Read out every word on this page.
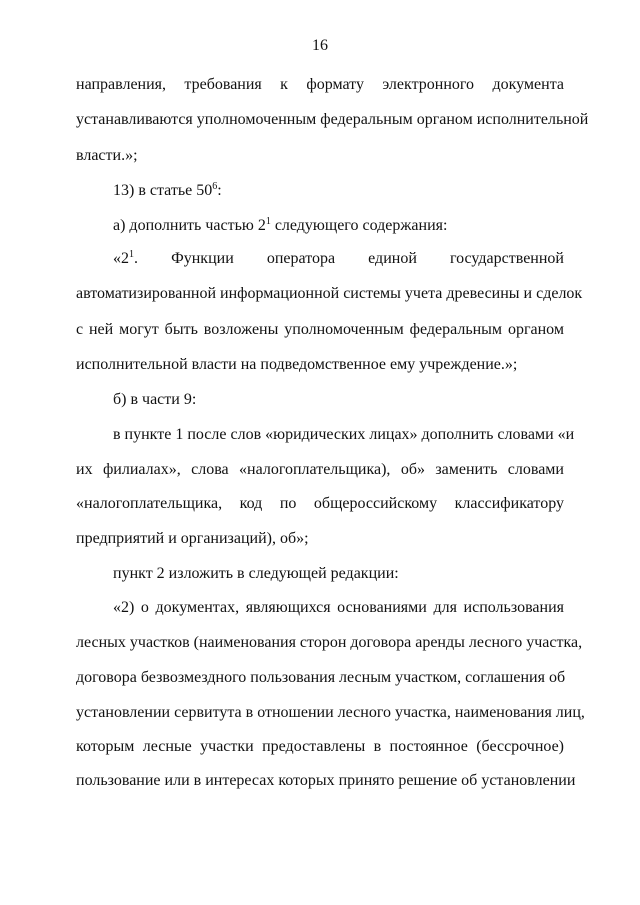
16
направления, требования к формату электронного документа
устанавливаются уполномоченным федеральным органом исполнительной
власти.»;
13) в статье $50^6$:
а) дополнить частью $2^1$ следующего содержания:
«$2^1$. Функции оператора единой государственной
автоматизированной информационной системы учета древесины и сделок
с ней могут быть возложены уполномоченным федеральным органом
исполнительной власти на подведомственное ему учреждение.»;
б) в части 9:
в пункте 1 после слов «юридических лицах» дополнить словами «и
их филиалах», слова «налогоплательщика), об» заменить словами
«налогоплательщика, код по общероссийскому классификатору
предприятий и организаций), об»;
пункт 2 изложить в следующей редакции:
«2) о документах, являющихся основаниями для использования
лесных участков (наименования сторон договора аренды лесного участка,
договора безвозмездного пользования лесным участком, соглашения об
установлении сервитута в отношении лесного участка, наименования лиц,
которым лесные участки предоставлены в постоянное (бессрочное)
пользование или в интересах которых принято решение об установлении
